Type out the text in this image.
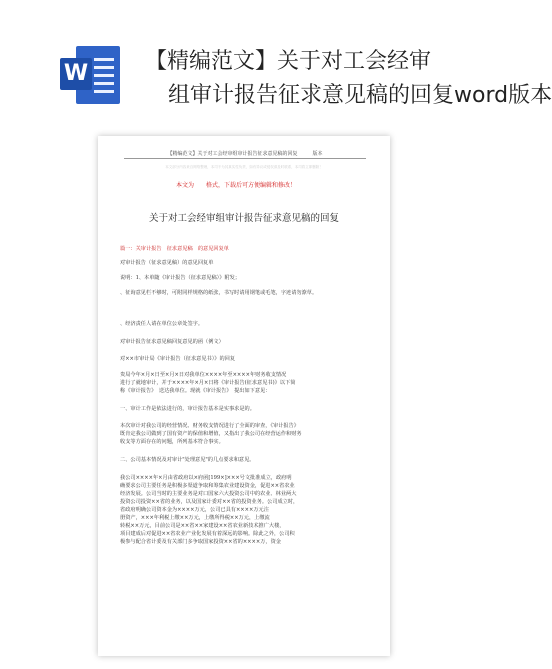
W	【精编范文】关于对工会经审
组审计报告征求意见稿的回复word版本
【精编范文】关于对工会经审组审计报告征求意见稿的回复　　　版本
本文部分内容来自网络整理，本司不为其真实性负责，如有异议或侵权请及时联系，本司将立即删除！
本文为 格式，下载后可方便编辑和修改！
关于对工会经审组审计报告征求意见稿的回复
篇一：关审计报告　征求意见稿　的意见回复单
对审计报告（征求意见稿）的意见回复单
说明：1、本单随《审计报告（征求意见稿）》附发；
、征询意见栏不够时，可附同样规格的纸张，书写时请用钢笔或毛笔，字迹请勿潦草。
、经济责任人请在单位公章处签字。
对审计报告征求意见稿回复意见的函（例文）
对××市审计局《审计报告（征求意见书）》的回复
贵局今年×月×日至×月×日对我单位××××年至××××年财务收支情况
进行了就地审计，并于××××年×月×日将《审计报告(征求意见书)》以下简
称《审计报告》　送达我单位。现就《审计报告》　提出如下意见：
一、审计工作是依法进行的，审计报告基本是实事求是的。
本次审计对我公司的经营情况、财务收支情况进行了全面的审查，《审计报告》
既肯定我公司做到了国有资产的保值和增值，又指出了我公司在经营运作和财务
收支等方面存在的问题，所列基本符合事实。
二、公司基本情况及对审计"处理意见"的几点要求和意见。
我公司××××年×月由省政府以×府函[199×]×××号文批准成立，政府明
确要求公司主要任务是积极多渠道争取和筹集农业建设资金，促进××省农业
经济发展。公司当时的主要业务是对口国家六大投资公司中的农业、林业两大
投资公司投资××省的业务，以及国家计委对××省的投资业务。公司成立时，
省政府明确公司资本金为××××万元，公司已具有××××万元注
册资产，×××年利税上缴××万元，上缴所得税××万元，上缴流
转税××万元，目前公司是××省××家建设××省农业新技术推广大楼，
项目建成后对促进××省农业产业化发展有着深远的影响。除此之外，公司积
极参与配合省计委及有关部门多争取国家投资××省的××××万，资金
